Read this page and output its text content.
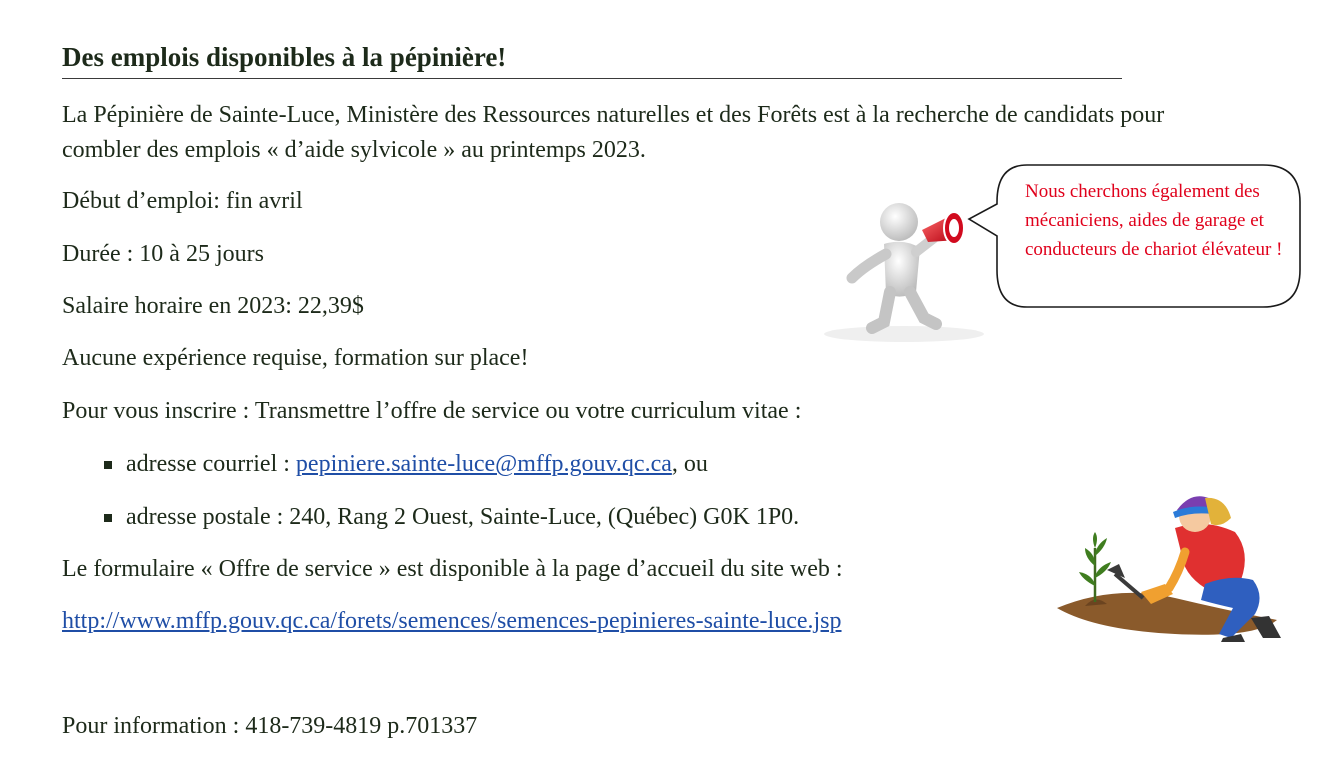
Des emplois disponibles à la pépinière!
La Pépinière de Sainte-Luce, Ministère des Ressources naturelles et des Forêts est à la recherche de candidats pour combler des emplois « d’aide sylvicole » au printemps 2023.
Début d’emploi: fin avril
Durée : 10 à 25 jours
Salaire horaire en 2023: 22,39$
Aucune expérience requise, formation sur place!
Pour vous inscrire : Transmettre l’offre de service ou votre curriculum vitae :
adresse courriel : pepiniere.sainte-luce@mffp.gouv.qc.ca, ou
adresse postale : 240, Rang 2 Ouest, Sainte-Luce, (Québec) G0K 1P0.
Le formulaire « Offre de service » est disponible à la page d’accueil du site web :
http://www.mffp.gouv.qc.ca/forets/semences/semences-pepinieres-sainte-luce.jsp
Pour information : 418-739-4819 p.701337
Nous cherchons également des mécaniciens, aides de garage et conducteurs de chariot élévateur !
